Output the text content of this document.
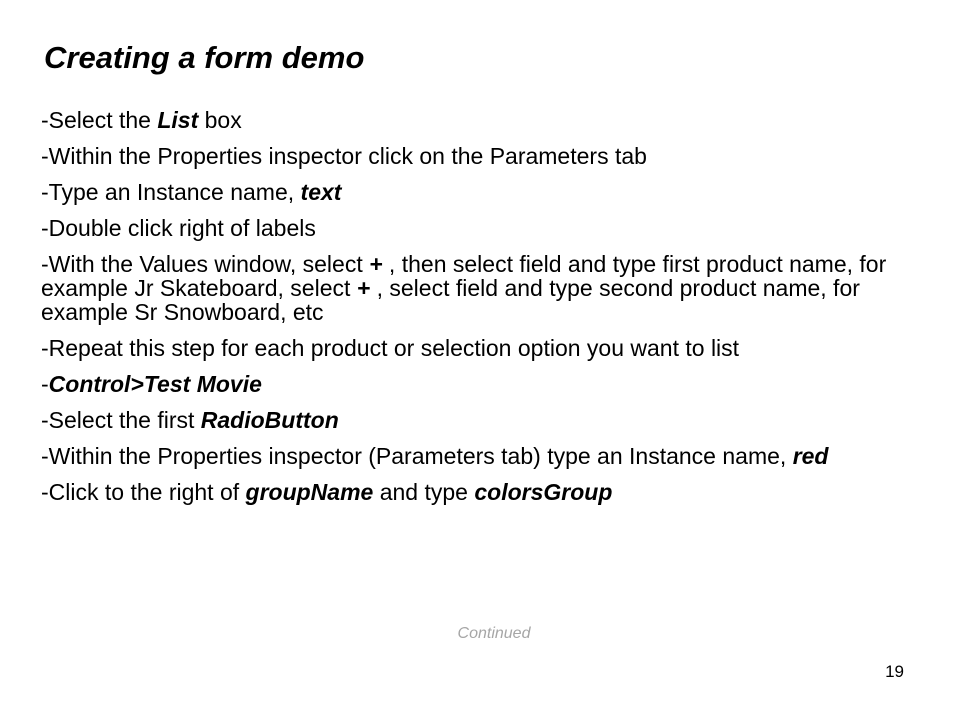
Creating a form demo
-Select the List box
-Within the Properties inspector click on the Parameters tab
-Type an Instance name, text
-Double click right of labels
-With the Values window, select + , then select field and type first product name, for example Jr Skateboard, select + , select field and type second product name, for example Sr Snowboard, etc
-Repeat this step for each product or selection option you want to list
-Control>Test Movie
-Select the first RadioButton
-Within the Properties inspector (Parameters tab) type an Instance name, red
-Click to the right of groupName and type colorsGroup
Continued
19
